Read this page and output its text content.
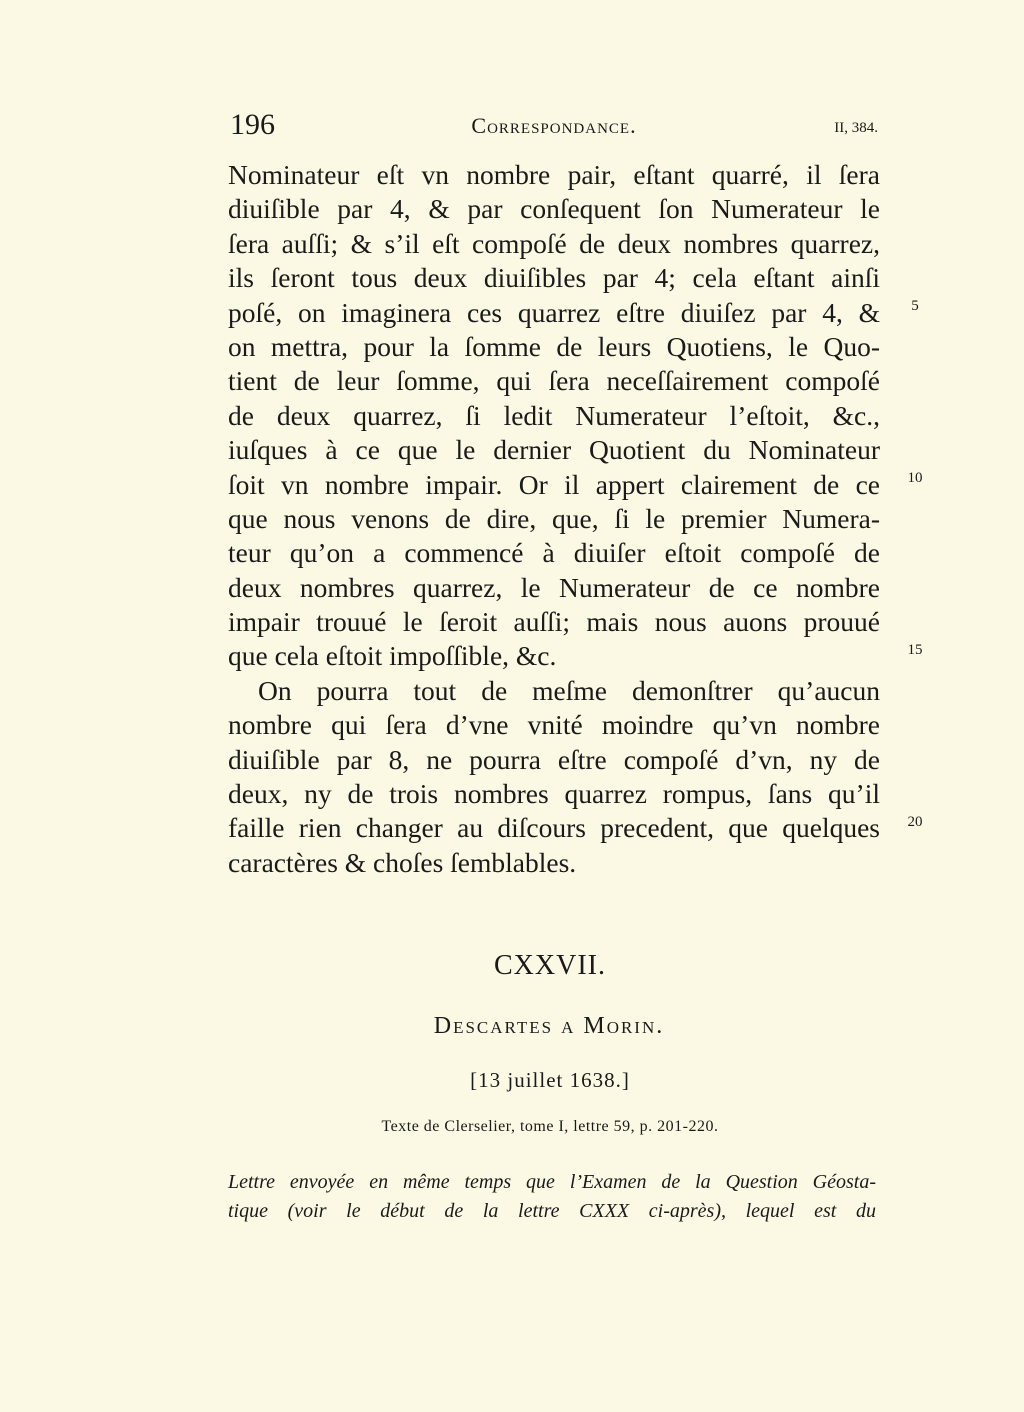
196	Correspondance.	II, 384.
Nominateur eſt vn nombre pair, eſtant quarré, il ſera
diuiſible par 4, & par conſequent ſon Numerateur le
ſera auſſi; & s’il eſt compoſé de deux nombres quarrez,
ils ſeront tous deux diuiſibles par 4; cela eſtant ainſi
poſé, on imaginera ces quarrez eſtre diuiſez par 4, &
on mettra, pour la ſomme de leurs Quotiens, le Quo-
tient de leur ſomme, qui ſera neceſſairement compoſé
de deux quarrez, ſi ledit Numerateur l’eſtoit, &c.,
iuſques à ce que le dernier Quotient du Nominateur
ſoit vn nombre impair. Or il appert clairement de ce
que nous venons de dire, que, ſi le premier Numera-
teur qu’on a commencé à diuiſer eſtoit compoſé de
deux nombres quarrez, le Numerateur de ce nombre
impair trouué le ſeroit auſſi; mais nous auons prouué
que cela eſtoit impoſſible, &c.
On pourra tout de meſme demonſtrer qu’aucun
nombre qui ſera d’vne vnité moindre qu’vn nombre
diuiſible par 8, ne pourra eſtre compoſé d’vn, ny de
deux, ny de trois nombres quarrez rompus, ſans qu’il
faille rien changer au diſcours precedent, que quelques
caractères & choſes ſemblables.
5
10
15
20
CXXVII.
Descartes a Morin.
[13 juillet 1638.]
Texte de Clerselier, tome I, lettre 59, p. 201-220.
Lettre envoyée en même temps que l’Examen de la Question Géosta-
tique (voir le début de la lettre CXXX ci-après), lequel est du
